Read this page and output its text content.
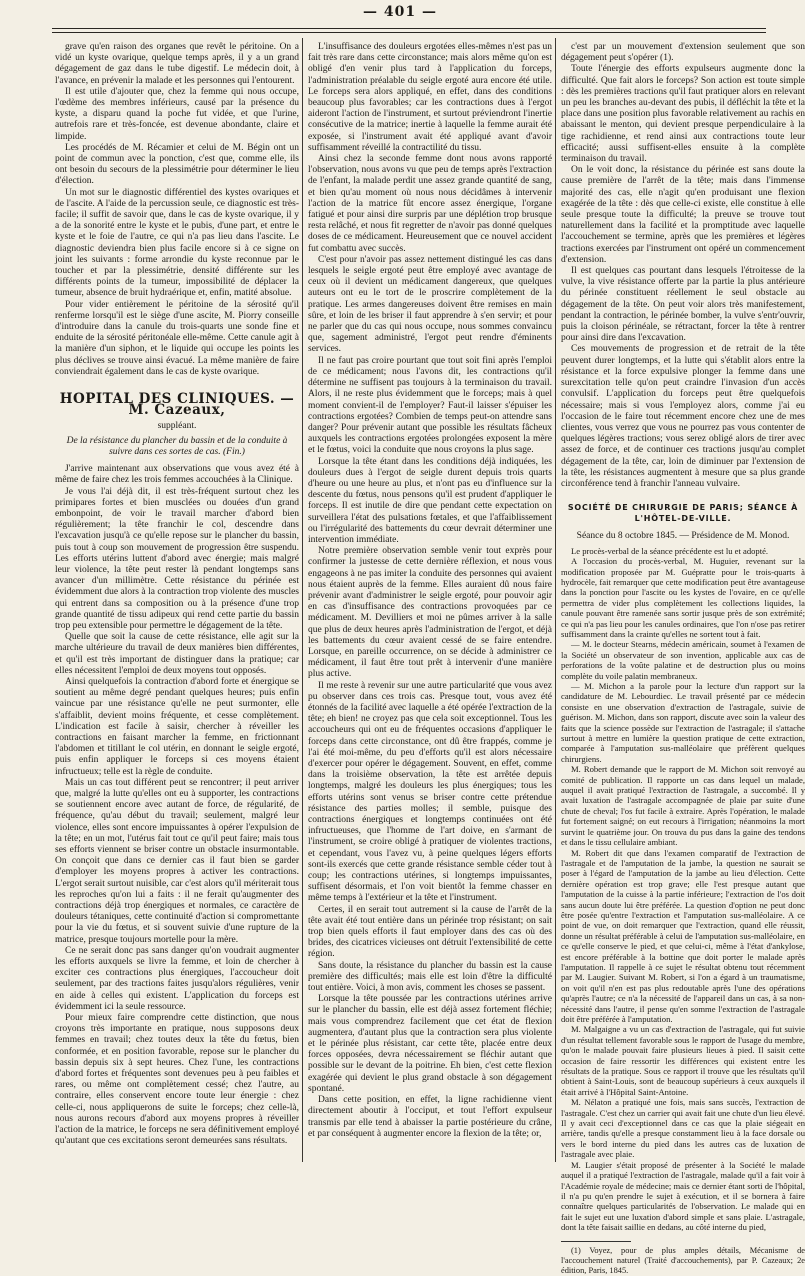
— 401 —

grave qu'en raison des organes que revêt le péritoine. On a vidé un kyste ovarique, quelque temps après, il y a un grand dégagement de gaz dans le tube digestif. Le médecin doit, à l'avance, en prévenir la malade et les personnes qui l'entourent.

Il est utile d'ajouter que, chez la femme qui nous occupe, l'œdème des membres inférieurs, causé par la présence du kyste, a disparu quand la poche fut vidée, et que l'urine, autrefois rare et très-foncée, est devenue abondante, claire et limpide.

Les procédés de M. Récamier et celui de M. Bégin ont un point de commun avec la ponction, c'est que, comme elle, ils ont besoin du secours de la plessimétrie pour déterminer le lieu d'élection.

Un mot sur le diagnostic différentiel des kystes ovariques et de l'ascite. A l'aide de la percussion seule, ce diagnostic est très-facile; il suffit de savoir que, dans le cas de kyste ovarique, il y a de la sonorité entre le kyste et le pubis, d'une part, et entre le kyste et le foie de l'autre, ce qui n'a pas lieu dans l'ascite. Le diagnostic deviendra bien plus facile encore si à ce signe on joint les suivants : forme arrondie du kyste reconnue par le toucher et par la plessimétrie, densité différente sur les différents points de la tumeur, impossibilité de déplacer la tumeur, absence de bruit hydraérique et, enfin, matité absolue.

Pour vider entièrement le péritoine de la sérosité qu'il renferme lorsqu'il est le siège d'une ascite, M. Piorry conseille d'introduire dans la canule du trois-quarts une sonde fine et enduite de la sérosité péritonéale elle-même. Cette canule agit à la manière d'un siphon, et le liquide qui occupe les points les plus déclives se trouve ainsi évacué. La même manière de faire conviendrait également dans le cas de kyste ovarique.

HOPITAL DES CLINIQUES. — M. Cazeaux,
suppléant.

De la résistance du plancher du bassin et de la conduite à suivre dans ces sortes de cas. (Fin.)

J'arrive maintenant aux observations que vous avez été à même de faire chez les trois femmes accouchées à la Clinique.

Je vous l'ai déjà dit, il est très-fréquent surtout chez les primipares fortes et bien musclées ou douées d'un grand embonpoint, de voir le travail marcher d'abord bien régulièrement; la tête franchir le col, descendre dans l'excavation jusqu'à ce qu'elle repose sur le plancher du bassin, puis tout à coup son mouvement de progression être suspendu. Les efforts utérins luttent d'abord avec énergie; mais malgré leur violence, la tête peut rester là pendant longtemps sans avancer d'un millimètre. Cette résistance du périnée est évidemment due alors à la contraction trop violente des muscles qui entrent dans sa composition ou à la présence d'une trop grande quantité de tissu adipeux qui rend cette partie du bassin trop peu extensible pour permettre le dégagement de la tête.

Quelle que soit la cause de cette résistance, elle agit sur la marche ultérieure du travail de deux manières bien différentes, et qu'il est très important de distinguer dans la pratique; car elles nécessitent l'emploi de deux moyens tout opposés.

Ainsi quelquefois la contraction d'abord forte et énergique se soutient au même degré pendant quelques heures; puis enfin vaincue par une résistance qu'elle ne peut surmonter, elle s'affaiblit, devient moins fréquente, et cesse complètement. L'indication est facile à saisir, chercher à réveiller les contractions en faisant marcher la femme, en frictionnant l'abdomen et titillant le col utérin, en donnant le seigle ergoté, puis enfin appliquer le forceps si ces moyens étaient infructueux; telle est la règle de conduite.

Mais un cas tout différent peut se rencontrer; il peut arriver que, malgré la lutte qu'elles ont eu à supporter, les contractions se soutiennent encore avec autant de force, de régularité, de fréquence, qu'au début du travail; seulement, malgré leur violence, elles sont encore impuissantes à opérer l'expulsion de la tête; en un mot, l'utérus fait tout ce qu'il peut faire; mais tous ses efforts viennent se briser contre un obstacle insurmontable. On conçoit que dans ce dernier cas il faut bien se garder d'employer les moyens propres à activer les contractions. L'ergot serait surtout nuisible, car c'est alors qu'il mériterait tous les reproches qu'on lui a faits : il ne ferait qu'augmenter des contractions déjà trop énergiques et normales, ce caractère de douleurs tétaniques, cette continuité d'action si compromettante pour la vie du fœtus, et si souvent suivie d'une rupture de la matrice, presque toujours mortelle pour la mère.

Ce ne serait donc pas sans danger qu'on voudrait augmenter les efforts auxquels se livre la femme, et loin de chercher à exciter ces contractions plus énergiques, l'accoucheur doit seulement, par des tractions faites jusqu'alors régulières, venir en aide à celles qui existent. L'application du forceps est évidemment ici la seule ressource.

Pour mieux faire comprendre cette distinction, que nous croyons très importante en pratique, nous supposons deux femmes en travail; chez toutes deux la tête du fœtus, bien conformée, et en position favorable, repose sur le plancher du bassin depuis six à sept heures. Chez l'une, les contractions d'abord fortes et fréquentes sont devenues peu à peu faibles et rares, ou même ont complètement cessé; chez l'autre, au contraire, elles conservent encore toute leur énergie : chez celle-ci, nous appliquerons de suite le forceps; chez celle-là, nous aurons recours d'abord aux moyens propres à réveiller l'action de la matrice, le forceps ne sera définitivement employé qu'autant que ces excitations seront demeurées sans résultats.

L'insuffisance des douleurs ergotées elles-mêmes n'est pas un fait très rare dans cette circonstance; mais alors même qu'on est obligé d'en venir plus tard à l'application du forceps, l'administration préalable du seigle ergoté aura encore été utile. Le forceps sera alors appliqué, en effet, dans des conditions beaucoup plus favorables; car les contractions dues à l'ergot aideront l'action de l'instrument, et surtout préviendront l'inertie consécutive de la matrice; inertie à laquelle la femme aurait été exposée, si l'instrument avait été appliqué avant d'avoir suffisamment réveillé la contractilité du tissu.

Ainsi chez la seconde femme dont nous avons rapporté l'observation, nous avons vu que peu de temps après l'extraction de l'enfant, la malade perdit une assez grande quantité de sang, et bien qu'au moment où nous nous décidâmes à intervenir l'action de la matrice fût encore assez énergique, l'organe fatigué et pour ainsi dire surpris par une déplétion trop brusque resta relâché, et nous fit regretter de n'avoir pas donné quelques doses de ce médicament. Heureusement que ce nouvel accident fut combattu avec succès.

C'est pour n'avoir pas assez nettement distingué les cas dans lesquels le seigle ergoté peut être employé avec avantage de ceux où il devient un médicament dangereux, que quelques auteurs ont eu le tort de le proscrire complètement de la pratique. Les armes dangereuses doivent être remises en main sûre, et loin de les briser il faut apprendre à s'en servir; et pour ne parler que du cas qui nous occupe, nous sommes convaincu que, sagement administré, l'ergot peut rendre d'éminents services.

Il ne faut pas croire pourtant que tout soit fini après l'emploi de ce médicament; nous l'avons dit, les contractions qu'il détermine ne suffisent pas toujours à la terminaison du travail. Alors, il ne reste plus évidemment que le forceps; mais à quel moment convient-il de l'employer? Faut-il laisser s'épuiser les contractions ergotées? Combien de temps peut-on attendre sans danger? Pour prévenir autant que possible les résultats fâcheux auxquels les contractions ergotées prolongées exposent la mère et le fœtus, voici la conduite que nous croyons la plus sage.

Lorsque la tête étant dans les conditions déjà indiquées, les douleurs dues à l'ergot de seigle durent depuis trois quarts d'heure ou une heure au plus, et n'ont pas eu d'influence sur la descente du fœtus, nous pensons qu'il est prudent d'appliquer le forceps. Il est inutile de dire que pendant cette expectation on surveillera l'état des pulsations fœtales, et que l'affaiblissement ou l'irrégularité des battements du cœur devrait déterminer une intervention immédiate.

Notre première observation semble venir tout exprès pour confirmer la justesse de cette dernière réflexion, et nous vous engageons à ne pas imiter la conduite des personnes qui avaient nous étaient auprès de la femme. Elles auraient dû nous faire prévenir avant d'administrer le seigle ergoté, pour pouvoir agir en cas d'insuffisance des contractions provoquées par ce médicament. M. Devilliers et moi ne pûmes arriver à la salle que plus de deux heures après l'administration de l'ergot, et déjà les battements du cœur avaient cessé de se faire entendre. Lorsque, en pareille occurrence, on se décide à administrer ce médicament, il faut être tout prêt à intervenir d'une manière plus active.

Il me reste à revenir sur une autre particularité que vous avez pu observer dans ces trois cas. Presque tout, vous avez été étonnés de la facilité avec laquelle a été opérée l'extraction de la tête; eh bien! ne croyez pas que cela soit exceptionnel. Tous les accoucheurs qui ont eu de fréquentes occasions d'appliquer le forceps dans cette circonstance, ont dû être frappés, comme je l'ai été moi-même, du peu d'efforts qu'il est alors nécessaire d'exercer pour opérer le dégagement. Souvent, en effet, comme dans la troisième observation, la tête est arrêtée depuis longtemps, malgré les douleurs les plus énergiques; tous les efforts utérins sont venus se briser contre cette prétendue résistance des parties molles; il semble, puisque des contractions énergiques et longtemps continuées ont été infructueuses, que l'homme de l'art doive, en s'armant de l'instrument, se croire obligé à pratiquer de violentes tractions, et cependant, vous l'avez vu, à peine quelques légers efforts sont-ils exercés que cette grande résistance semble céder tout à coup; les contractions utérines, si longtemps impuissantes, suffisent désormais, et l'on voit bientôt la femme chasser en même temps à l'extérieur et la tête et l'instrument.

Certes, il en serait tout autrement si la cause de l'arrêt de la tête avait été tout entière dans un périnée trop résistant; on sait trop bien quels efforts il faut employer dans des cas où des brides, des cicatrices vicieuses ont détruit l'extensibilité de cette région.

Sans doute, la résistance du plancher du bassin est la cause première des difficultés; mais elle est loin d'être la difficulté tout entière. Voici, à mon avis, comment les choses se passent.

Lorsque la tête poussée par les contractions utérines arrive sur le plancher du bassin, elle est déjà assez fortement fléchie; mais vous comprendrez facilement que cet état de flexion augmentera, d'autant plus que la contraction sera plus violente et le périnée plus résistant, car cette tête, placée entre deux forces opposées, devra nécessairement se fléchir autant que possible sur le devant de la poitrine. Eh bien, c'est cette flexion exagérée qui devient le plus grand obstacle à son dégagement spontané.

Dans cette position, en effet, la ligne rachidienne vient directement aboutir à l'occiput, et tout l'effort expulseur transmis par elle tend à abaisser la partie postérieure du crâne, et par conséquent à augmenter encore la flexion de la tête; or,

c'est par un mouvement d'extension seulement que son dégagement peut s'opérer (1).

Toute l'énergie des efforts expulseurs augmente donc la difficulté. Que fait alors le forceps? Son action est toute simple : dès les premières tractions qu'il faut pratiquer alors en relevant un peu les branches au-devant des pubis, il défléchit la tête et la place dans une position plus favorable relativement au rachis en abaissant le menton, qui devient presque perpendiculaire à la tige rachidienne, et rend ainsi aux contractions toute leur efficacité; aussi suffisent-elles ensuite à la complète terminaison du travail.

On le voit donc, la résistance du périnée est sans doute la cause première de l'arrêt de la tête; mais dans l'immense majorité des cas, elle n'agit qu'en produisant une flexion exagérée de la tête : dès que celle-ci existe, elle constitue à elle seule presque toute la difficulté; la preuve se trouve tout naturellement dans la facilité et la promptitude avec laquelle l'accouchement se termine, après que les premières et légères tractions exercées par l'instrument ont opéré un commencement d'extension.

Il est quelques cas pourtant dans lesquels l'étroitesse de la vulve, la vive résistance offerte par la partie la plus antérieure du périnée constituent réellement le seul obstacle au dégagement de la tête. On peut voir alors très manifestement, pendant la contraction, le périnée bomber, la vulve s'entr'ouvrir, puis la cloison périnéale, se rétractant, forcer la tête à rentrer pour ainsi dire dans l'excavation.

Ces mouvements de progression et de retrait de la tête peuvent durer longtemps, et la lutte qui s'établit alors entre la résistance et la force expulsive plonger la femme dans une surexcitation telle qu'on peut craindre l'invasion d'un accès convulsif. L'application du forceps peut être quelquefois nécessaire; mais si vous l'employez alors, comme j'ai eu l'occasion de le faire tout récemment encore chez une de mes clientes, vous verrez que vous ne pourrez pas vous contenter de quelques légères tractions; vous serez obligé alors de tirer avec assez de force, et de continuer ces tractions jusqu'au complet dégagement de la tête, car, loin de diminuer par l'extension de la tête, les résistances augmentent à mesure que sa plus grande circonférence tend à franchir l'anneau vulvaire.

SOCIÉTÉ DE CHIRURGIE DE PARIS; SÉANCE À L'HÔTEL-DE-VILLE.
Séance du 8 octobre 1845. — Présidence de M. Monod.

Le procès-verbal de la séance précédente est lu et adopté.

A l'occasion du procès-verbal, M. Huguier, revenant sur la modification proposée par M. Guépratte pour le trois-quarts à hydrocèle, fait remarquer que cette modification peut être avantageuse dans la ponction pour l'ascite ou les kystes de l'ovaire, en ce qu'elle permettra de vider plus complètement les collections liquides, la canule pouvant être ramenée sans sortir jusque près de son extrémité; ce qui n'a pas lieu pour les canules ordinaires, que l'on n'ose pas retirer suffisamment dans la crainte qu'elles ne sortent tout à fait.

— M. le docteur Stearns, médecin américain, soumet à l'examen de la Société un observateur de son invention, applicable aux cas de perforations de la voûte palatine et de destruction plus ou moins complète du voile palatin membraneux.

— M. Michon a la parole pour la lecture d'un rapport sur la candidature de M. Lebourdiec. Le travail présenté par ce médecin consiste en une observation d'extraction de l'astragale, suivie de guérison. M. Michon, dans son rapport, discute avec soin la valeur des faits que la science possède sur l'extraction de l'astragale; il s'attache surtout à mettre en lumière la question pratique de cette extraction, comparée à l'amputation sus-malléolaire que préfèrent quelques chirurgiens.

M. Robert demande que le rapport de M. Michon soit renvoyé au comité de publication. Il rapporte un cas dans lequel un malade, auquel il avait pratiqué l'extraction de l'astragale, a succombé. Il y avait luxation de l'astragale accompagnée de plaie par suite d'une chute de cheval; l'os fut facile à extraire. Après l'opération, le malade fut fortement saigné; on eut recours à l'irrigation; néanmoins la mort survint le quatrième jour. On trouva du pus dans la gaine des tendons et dans le tissu cellulaire ambiant.

M. Robert dit que dans l'examen comparatif de l'extraction de l'astragale et de l'amputation de la jambe, la question ne saurait se poser à l'égard de l'amputation de la jambe au lieu d'élection. Cette dernière opération est trop grave; elle l'est presque autant que l'amputation de la cuisse à la partie inférieure; l'extraction de l'os doit sans aucun doute lui être préférée. La question d'option ne peut donc être posée qu'entre l'extraction et l'amputation sus-malléolaire. A ce point de vue, on doit remarquer que l'extraction, quand elle réussit, donne un résultat préférable à celui de l'amputation sus-malléolaire, en ce qu'elle conserve le pied, et que celui-ci, même à l'état d'ankylose, est encore préférable à la bottine que doit porter le malade après l'amputation. Il rappelle à ce sujet le résultat obtenu tout récemment par M. Laugier. Suivant M. Robert, si l'on a égard à un traumatisme, on voit qu'il n'en est pas plus redoutable après l'une des opérations qu'après l'autre; ce n'a la nécessité de l'appareil dans un cas, à sa non-nécessité dans l'autre, il pense qu'en somme l'extraction de l'astragale doit être préférée à l'amputation.

M. Malgaigne a vu un cas d'extraction de l'astragale, qui fut suivie d'un résultat tellement favorable sous le rapport de l'usage du membre, qu'on le malade pouvait faire plusieurs lieues à pied. Il saisit cette occasion de faire ressortir les différences qui existent entre les résultats de la pratique. Sous ce rapport il trouve que les résultats qu'il obtient à Saint-Louis, sont de beaucoup supérieurs à ceux auxquels il était arrivé à l'Hôpital Saint-Antoine.

M. Nélaton a pratiqué une fois, mais sans succès, l'extraction de l'astragale. C'est chez un carrier qui avait fait une chute d'un lieu élevé. Il y avait ceci d'exceptionnel dans ce cas que la plaie siégeait en arrière, tandis qu'elle a presque constamment lieu à la face dorsale ou vers le bord interne du pied dans les autres cas de luxation de l'astragale avec plaie.

M. Laugier s'était proposé de présenter à la Société le malade auquel il a pratiqué l'extraction de l'astragale, malade qu'il a fait voir à l'Académie royale de médecine; mais ce dernier étant sorti de l'hôpital, il n'a pu qu'en prendre le sujet à exécution, et il se bornera à faire connaître quelques particularités de l'observation. Le malade qui en fait le sujet eut une luxation d'abord simple et sans plaie. L'astragale, dont la tête faisait saillie en dedans, au côté interne du pied,

(1) Voyez, pour de plus amples détails, Mécanisme de l'accouchement naturel (Traité d'accouchements), par P. Cazeaux; 2e édition, Paris, 1845.
